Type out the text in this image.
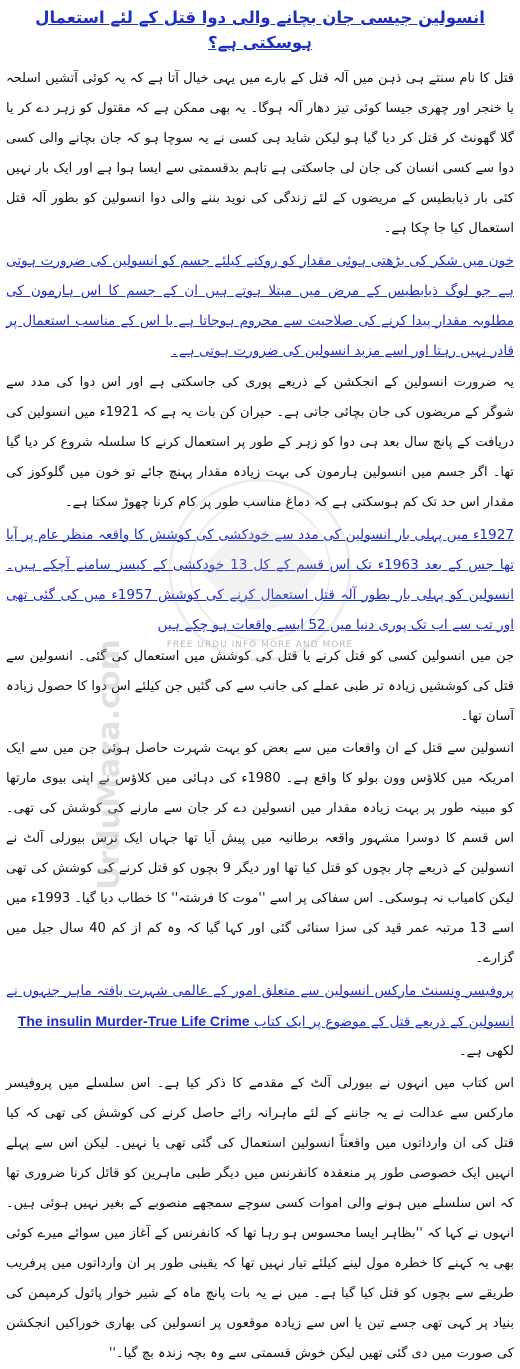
UrduMaza.com	FREE URDU INFO MORE AND MORE
انسولین جیسی جان بچانے والی دوا قتل کے لئے استعمال ہوسکتی ہے؟

قتل کا نام سنتے ہی ذہن میں آلہ قتل کے بارے میں یہی خیال آتا ہے کہ یہ کوئی آتشیں اسلحہ یا خنجر اور چھری جیسا کوئی تیز دھار آلہ ہوگا۔ یہ بھی ممکن ہے کہ مقتول کو زہر دے کر یا گلا گھونٹ کر قتل کر دیا گیا ہو لیکن شاید ہی کسی نے یہ سوچا ہو کہ جان بچانے والی کسی دوا سے کسی انسان کی جان لی جاسکتی ہے تاہم بدقسمتی سے ایسا ہوا ہے اور ایک بار نہیں کئی بار ذیابطیس کے مریضوں کے لئے زندگی کی نوید بننے والی دوا انسولین کو بطور آلہ قتل استعمال کیا جا چکا ہے۔

خون میں شکر کی بڑھتی ہوئی مقدار کو روکنے کیلئے جسم کو انسولین کی ضرورت ہوتی ہے جو لوگ ذیابطیس کے مرض میں مبتلا ہوتے ہیں ان کے جسم کا اس ہارمون کی مطلوبہ مقدار پیدا کرنے کی صلاحیت سے محروم ہوجاتا ہے یا اس کے مناسب استعمال پر قادر نہیں رہتا اور اسے مزید انسولین کی ضرورت ہوتی ہے۔

یہ ضرورت انسولین کے انجکشن کے ذریعے پوری کی جاسکتی ہے اور اس دوا کی مدد سے شوگر کے مریضوں کی جان بچائی جاتی ہے۔ حیران کن بات یہ ہے کہ 1921ء میں انسولین کی دریافت کے پانچ سال بعد ہی دوا کو زہر کے طور پر استعمال کرنے کا سلسلہ شروع کر دیا گیا تھا۔ اگر جسم میں انسولین ہارمون کی بہت زیادہ مقدار پہنچ جائے تو خون میں گلوکوز کی مقدار اس حد تک کم ہوسکتی ہے کہ دماغ مناسب طور پر کام کرنا چھوڑ سکتا ہے۔

1927ء میں پہلی بار انسولین کی مدد سے خودکشی کی کوشش کا واقعہ منظر عام پر آیا تھا جس کے بعد 1963ء تک اس قسم کے کل 13 خودکشی کے کیسز سامنے آچکے ہیں۔ انسولین کو پہلی بار بطور آلہ قتل استعمال کرنے کی کوشش 1957ء میں کی گئی تھی اور تب سے اب تک پوری دنیا میں 52 ایسے واقعات ہو چکے ہیں

جن میں انسولین کسی کو قتل کرنے یا قتل کی کوشش میں استعمال کی گئی۔ انسولین سے قتل کی کوششیں زیادہ تر طبی عملے کی جانب سے کی گئیں جن کیلئے اس دوا کا حصول زیادہ آسان تھا۔

انسولین سے قتل کے ان واقعات میں سے بعض کو بہت شہرت حاصل ہوئی جن میں سے ایک امریکہ میں کلاؤس وون بولو کا واقع ہے۔ 1980ء کی دہائی میں کلاؤس نے اپنی بیوی مارتھا کو مبینہ طور پر بہت زیادہ مقدار میں انسولین دے کر جان سے مارنے کی کوشش کی تھی۔ اس قسم کا دوسرا مشہور واقعہ برطانیہ میں پیش آیا تھا جہاں ایک نرس بیورلی آلٹ نے انسولین کے ذریعے چار بچوں کو قتل کیا تھا اور دیگر 9 بچوں کو قتل کرنے کی کوشش کی تھی لیکن کامیاب نہ ہوسکی۔ اس سفاکی پر اسے ''موت کا فرشتہ'' کا خطاب دیا گیا۔ 1993ء میں اسے 13 مرتبہ عمر قید کی سزا سنائی گئی اور کہا گیا کہ وہ کم از کم 40 سال جیل میں گزارے۔

پروفیسر وِنسنٹ مارکس انسولین سے متعلق امور کے عالمی شہرت یافتہ ماہر جنہوں نے انسولین کے ذریعے قتل کے موضوع پر ایک کتاب The insulin Murder-True Life Crime

لکھی ہے۔

اس کتاب میں انہوں نے بیورلی آلٹ کے مقدمے کا ذکر کیا ہے۔ اس سلسلے میں پروفیسر مارکس سے عدالت نے یہ جاننے کے لئے ماہرانہ رائے حاصل کرنے کی کوشش کی تھی کہ کیا قتل کی ان وارداتوں میں واقعتاً انسولین استعمال کی گئی تھی یا نہیں۔ لیکن اس سے پہلے انہیں ایک خصوصی طور پر منعقدہ کانفرنس میں دیگر طبی ماہرین کو قائل کرنا ضروری تھا کہ اس سلسلے میں ہونے والی اموات کسی سوچے سمجھے منصوبے کے بغیر نہیں ہوئی ہیں۔ انہوں نے کہا کہ ''بظاہر ایسا محسوس ہو رہا تھا کہ کانفرنس کے آغاز میں سوائے میرے کوئی بھی یہ کہنے کا خطرہ مول لینے کیلئے تیار نہیں تھا کہ یقینی طور پر ان وارداتوں میں پرفریب طریقے سے بچوں کو قتل کیا گیا ہے۔ میں نے یہ بات پانچ ماہ کے شیر خوار پائول کرمپمن کی بنیاد پر کہی تھی جسے تین یا اس سے زیادہ موقعوں پر انسولین کی بھاری خوراکیں انجکشن کی صورت میں دی گئی تھیں لیکن خوش قسمتی سے وہ بچہ زندہ بچ گیا۔''
